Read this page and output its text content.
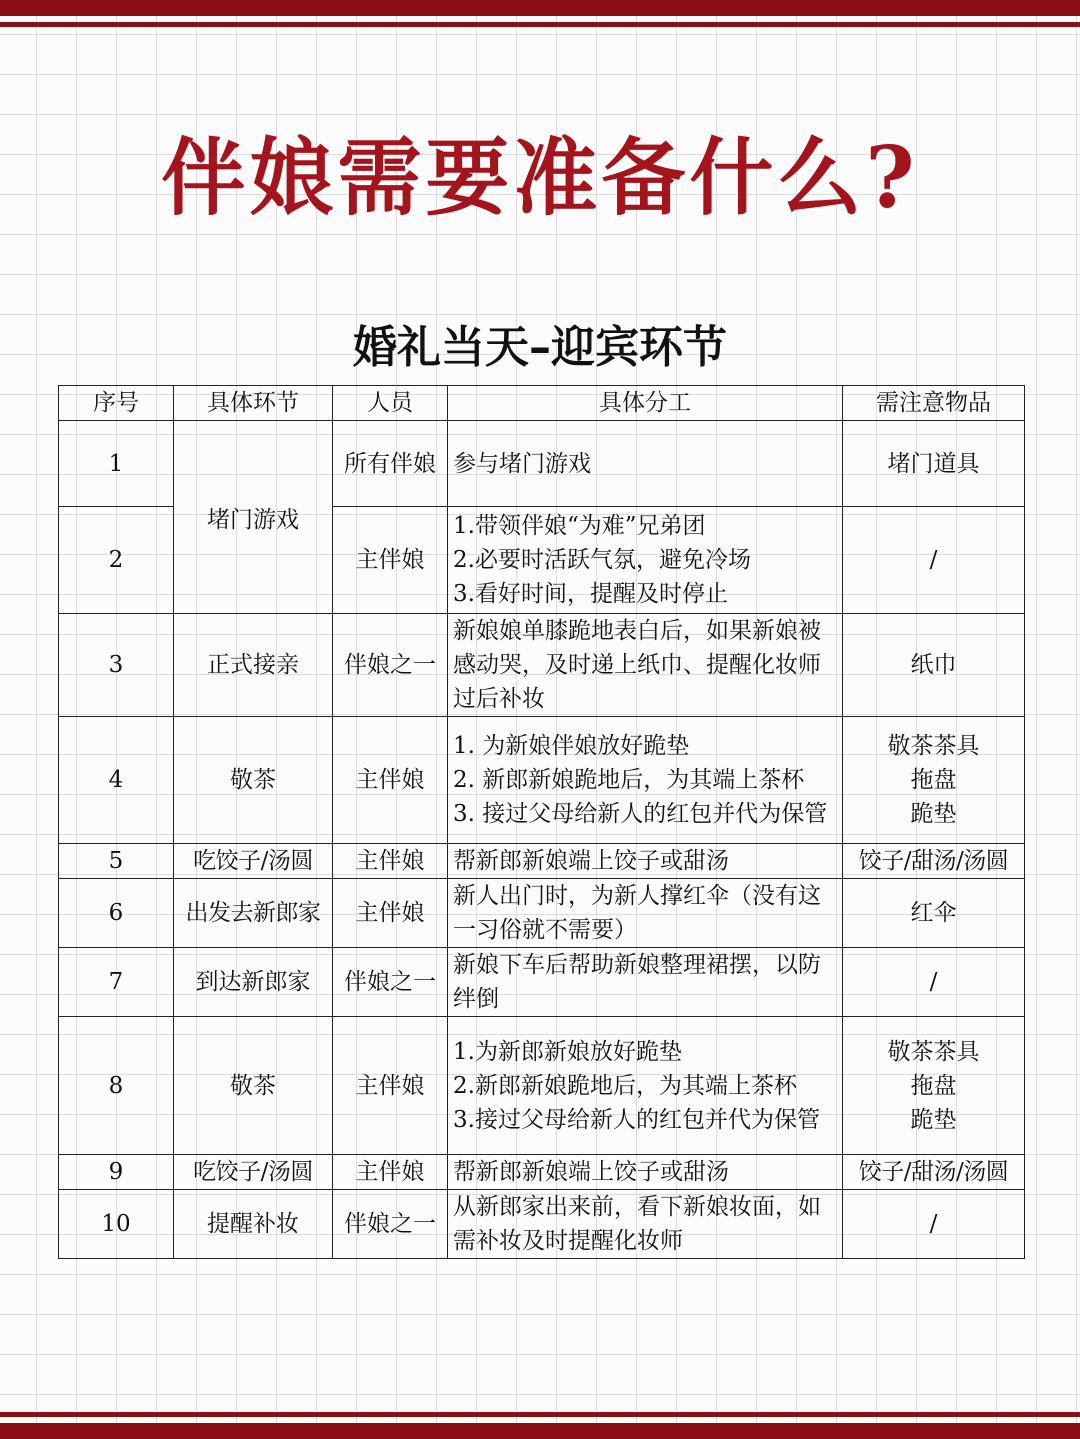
伴娘需要准备什么?
婚礼当天–迎宾环节
序号	具体环节	人员	具体分工	需注意物品
1	堵门游戏	所有伴娘	参与堵门游戏	堵门道具

2		主伴娘	1.带领伴娘“为难”兄弟团
2.必要时活跃气氛，避免冷场
3.看好时间，提醒及时停止	/

3	正式接亲	伴娘之一	新娘娘单膝跪地表白后，如果新娘被感动哭，及时递上纸巾、提醒化妆师过后补妆	纸巾

4	敬茶	主伴娘	1. 为新娘伴娘放好跪垫
2. 新郎新娘跪地后，为其端上茶杯
3. 接过父母给新人的红包并代为保管	敬茶茶具
拖盘
跪垫

5	吃饺子/汤圆	主伴娘	帮新郎新娘端上饺子或甜汤	饺子/甜汤/汤圆

6	出发去新郎家	主伴娘	新人出门时，为新人撑红伞（没有这一习俗就不需要）	红伞

7	到达新郎家	伴娘之一	新娘下车后帮助新娘整理裙摆，以防绊倒	/

8	敬茶	主伴娘	1.为新郎新娘放好跪垫
2.新郎新娘跪地后，为其端上茶杯
3.接过父母给新人的红包并代为保管	敬茶茶具
拖盘
跪垫

9	吃饺子/汤圆	主伴娘	帮新郎新娘端上饺子或甜汤	饺子/甜汤/汤圆

10	提醒补妆	伴娘之一	从新郎家出来前，看下新娘妆面，如需补妆及时提醒化妆师	/
